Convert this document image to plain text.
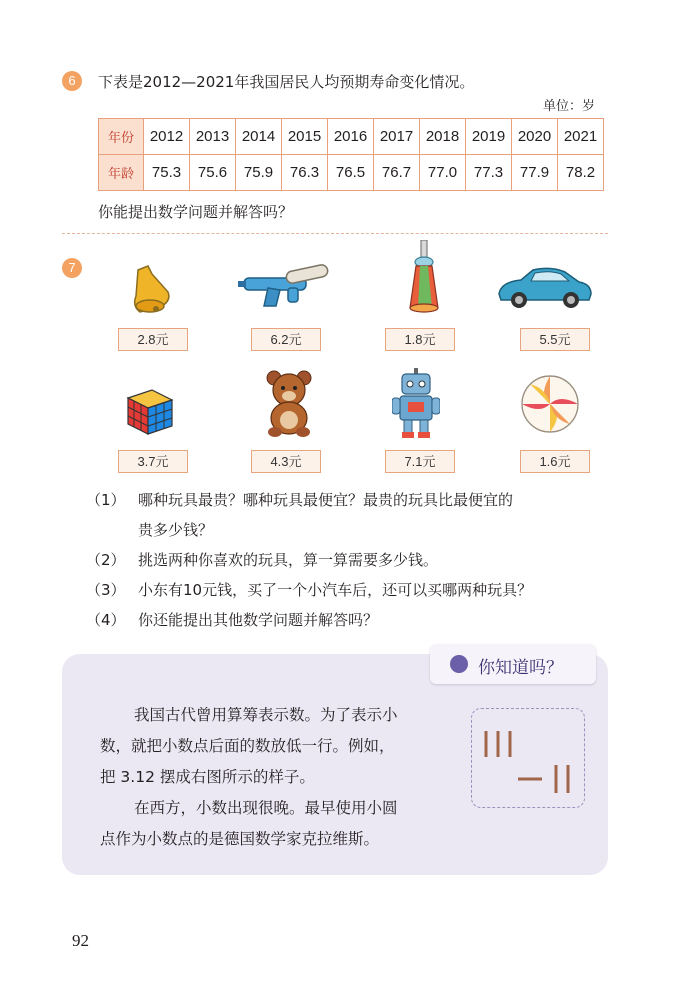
6	下表是2012—2021年我国居民人均预期寿命变化情况。
单位：岁
年份	2012	2013	2014	2015	2016	2017	2018	2019	2020	2021
年龄	75.3	75.6	75.9	76.3	76.5	76.7	77.0	77.3	77.9	78.2
你能提出数学问题并解答吗？
7
2.8元	6.2元	1.8元	5.5元
3.7元	4.3元	7.1元	1.6元
（1） 哪种玩具最贵？哪种玩具最便宜？最贵的玩具比最便宜的
贵多少钱？
（2） 挑选两种你喜欢的玩具，算一算需要多少钱。
（3） 小东有10元钱，买了一个小汽车后，还可以买哪两种玩具？
（4） 你还能提出其他数学问题并解答吗？
你知道吗？
我国古代曾用算筹表示数。为了表示小
数，就把小数点后面的数放低一行。例如，
把 3.12 摆成右图所示的样子。
在西方，小数出现很晚。最早使用小圆
点作为小数点的是德国数学家克拉维斯。
92
